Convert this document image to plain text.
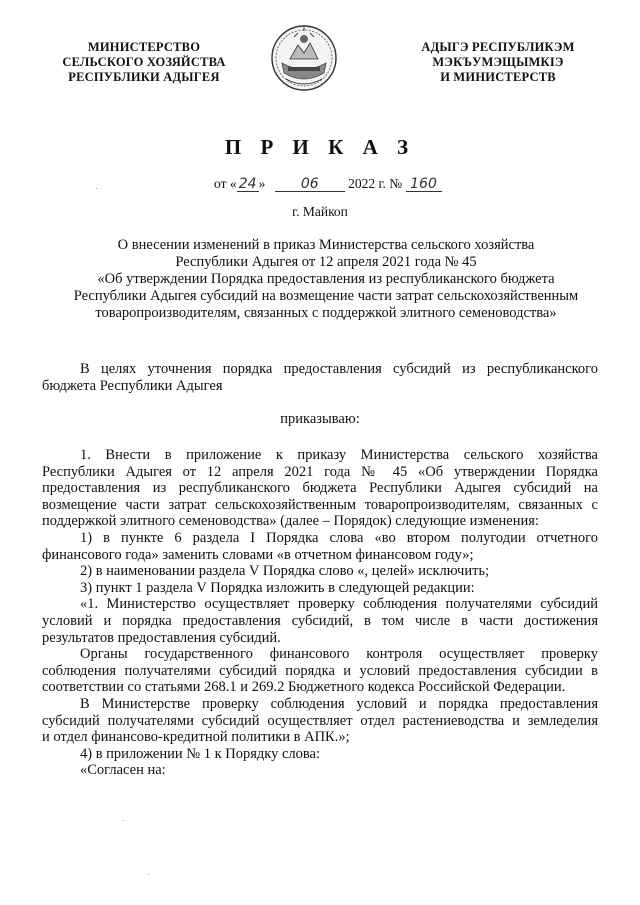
МИНИСТЕРСТВО
СЕЛЬСКОГО ХОЗЯЙСТВА
РЕСПУБЛИКИ АДЫГЕЯ
АДЫГЭ РЕСПУБЛИКЭМ
МЭКЪУМЭЩЫМКIЭ
И МИНИСТЕРСТВ
П Р И К А З
от « 24 »	06 2022 г. № 160
г. Майкоп
О внесении изменений в приказ Министерства сельского хозяйства
Республики Адыгея от 12 апреля 2021 года № 45
«Об утверждении Порядка предоставления из республиканского бюджета
Республики Адыгея субсидий на возмещение части затрат сельскохозяйственным
товаропроизводителям, связанных с поддержкой элитного семеноводства»
В целях уточнения порядка предоставления субсидий из республиканского
бюджета Республики Адыгея
приказываю:
1. Внести в приложение к приказу Министерства сельского хозяйства
Республики Адыгея от 12 апреля 2021 года № 45 «Об утверждении Порядка
предоставления из республиканского бюджета Республики Адыгея субсидий на
возмещение части затрат сельскохозяйственным товаропроизводителям, связанных с
поддержкой элитного семеноводства» (далее – Порядок) следующие изменения:
1) в пункте 6 раздела I Порядка слова «во втором полугодии отчетного
финансового года» заменить словами «в отчетном финансовом году»;
2) в наименовании раздела V Порядка слово «, целей» исключить;
3) пункт 1 раздела V Порядка изложить в следующей редакции:
«1. Министерство осуществляет проверку соблюдения получателями субсидий
условий и порядка предоставления субсидий, в том числе в части достижения
результатов предоставления субсидий.
Органы государственного финансового контроля осуществляет проверку
соблюдения получателями субсидий порядка и условий предоставления субсидии в
соответствии со статьями 268.1 и 269.2 Бюджетного кодекса Российской Федерации.
В Министерстве проверку соблюдения условий и порядка предоставления
субсидий получателями субсидий осуществляет отдел растениеводства и земледелия
и отдел финансово-кредитной политики в АПК.»;
4) в приложении № 1 к Порядку слова:
«Согласен на:
